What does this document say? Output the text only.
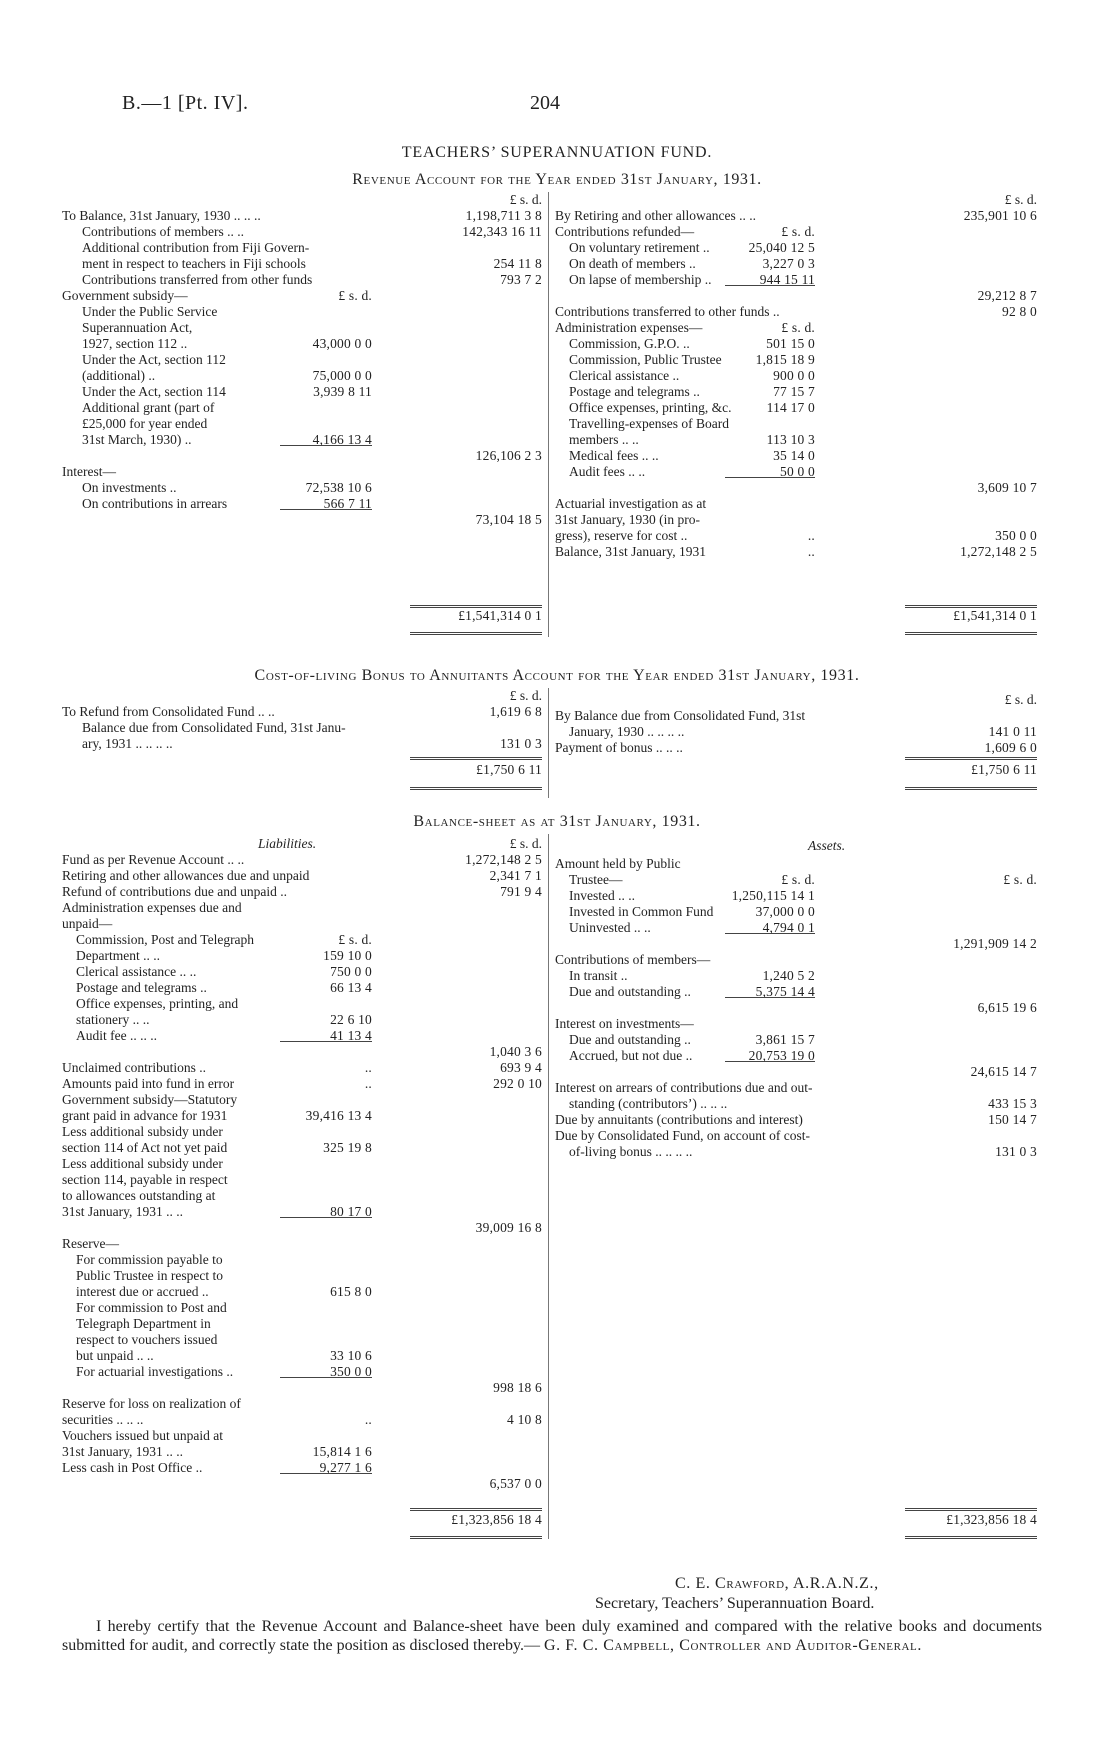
B.—1 [Pt. IV].	204
TEACHERS’ SUPERANNUATION FUND.
Revenue Account for the Year ended 31st January, 1931.
£ s. d.	£ s. d.
To Balance, 31st January, 1930 .. .. ..	1,198,711 3 8
Contributions of members .. ..	142,343 16 11
Additional contribution from Fiji Govern-
ment in respect to teachers in Fiji schools	254 11 8
Contributions transferred from other funds	793 7 2
Government subsidy—	£ s. d.
Under the Public Service
Superannuation Act,
1927, section 112 ..	43,000 0 0
Under the Act, section 112
(additional) ..	75,000 0 0
Under the Act, section 114	3,939 8 11
Additional grant (part of
£25,000 for year ended
31st March, 1930) ..	4,166 13 4
126,106 2 3
Interest—
On investments ..	72,538 10 6
On contributions in arrears	566 7 11
73,104 18 5
By Retiring and other allowances .. ..	235,901 10 6
Contributions refunded—	£ s. d.
On voluntary retirement ..	25,040 12 5
On death of members ..	3,227 0 3
On lapse of membership ..	944 15 11
29,212 8 7
Contributions transferred to other funds ..	92 8 0
Administration expenses—	£ s. d.
Commission, G.P.O. ..	501 15 0
Commission, Public Trustee	1,815 18 9
Clerical assistance ..	900 0 0
Postage and telegrams ..	77 15 7
Office expenses, printing, &c.	114 17 0
Travelling-expenses of Board
members .. ..	113 10 3
Medical fees .. ..	35 14 0
Audit fees .. ..	50 0 0
3,609 10 7
Actuarial investigation as at
31st January, 1930 (in pro-
gress), reserve for cost ..	..	350 0 0
Balance, 31st January, 1931	..	1,272,148 2 5
£1,541,314 0 1	£1,541,314 0 1
Cost-of-living Bonus to Annuitants Account for the Year ended 31st January, 1931.
£ s. d.	£ s. d.
To Refund from Consolidated Fund .. ..	1,619 6 8
Balance due from Consolidated Fund, 31st Janu-
ary, 1931 .. .. .. ..	131 0 3
By Balance due from Consolidated Fund, 31st
January, 1930 .. .. .. ..	141 0 11
Payment of bonus .. .. ..	1,609 6 0
£1,750 6 11	£1,750 6 11
Balance-sheet as at 31st January, 1931.
Liabilities.	£ s. d.	Assets.
Fund as per Revenue Account .. ..	1,272,148 2 5
Retiring and other allowances due and unpaid	2,341 7 1
Refund of contributions due and unpaid ..	791 9 4
Administration expenses due and
unpaid—
Commission, Post and Telegraph	£ s. d.
Department .. ..	159 10 0
Clerical assistance .. ..	750 0 0
Postage and telegrams ..	66 13 4
Office expenses, printing, and
stationery .. ..	22 6 10
Audit fee .. .. ..	41 13 4
1,040 3 6
Unclaimed contributions ..	..	693 9 4
Amounts paid into fund in error	..	292 0 10
Government subsidy—Statutory
grant paid in advance for 1931	39,416 13 4
Less additional subsidy under
section 114 of Act not yet paid	325 19 8
Less additional subsidy under
section 114, payable in respect
to allowances outstanding at
31st January, 1931 .. ..	80 17 0
39,009 16 8
Reserve—
For commission payable to
Public Trustee in respect to
interest due or accrued ..	615 8 0
For commission to Post and
Telegraph Department in
respect to vouchers issued
but unpaid .. ..	33 10 6
For actuarial investigations ..	350 0 0
998 18 6
Reserve for loss on realization of
securities .. .. ..	..	4 10 8
Vouchers issued but unpaid at
31st January, 1931 .. ..	15,814 1 6
Less cash in Post Office ..	9,277 1 6
6,537 0 0
Amount held by Public
Trustee—	£ s. d.	£ s. d.
Invested .. ..	1,250,115 14 1
Invested in Common Fund	37,000 0 0
Uninvested .. ..	4,794 0 1
1,291,909 14 2
Contributions of members—
In transit ..	1,240 5 2
Due and outstanding ..	5,375 14 4
6,615 19 6
Interest on investments—
Due and outstanding ..	3,861 15 7
Accrued, but not due ..	20,753 19 0
24,615 14 7
Interest on arrears of contributions due and out-
standing (contributors’) .. .. ..	433 15 3
Due by annuitants (contributions and interest)	150 14 7
Due by Consolidated Fund, on account of cost-
of-living bonus .. .. .. ..	131 0 3
£1,323,856 18 4	£1,323,856 18 4
C. E. Crawford, A.R.A.N.Z.,
Secretary, Teachers’ Superannuation Board.
I hereby certify that the Revenue Account and Balance-sheet have been duly examined and compared with the relative books and documents submitted for audit, and correctly state the position as disclosed thereby.— G. F. C. Campbell, Controller and Auditor-General.
